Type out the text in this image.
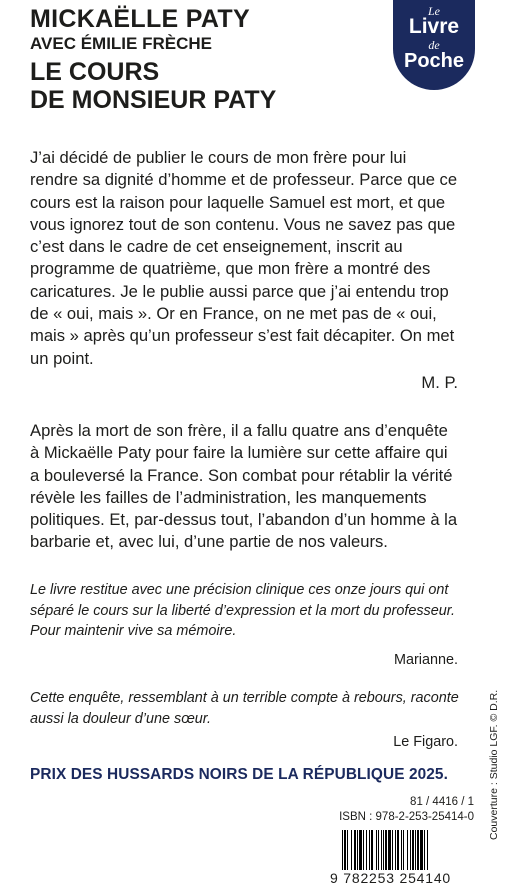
MICKAËLLE PATY

AVEC ÉMILIE FRÈCHE

LE COURS
DE MONSIEUR PATY

Le
Livre
de
Poche

J’ai décidé de publier le cours de mon frère pour lui rendre sa dignité d’homme et de professeur. Parce que ce cours est la raison pour laquelle Samuel est mort, et que vous ignorez tout de son contenu. Vous ne savez pas que c’est dans le cadre de cet enseignement, inscrit au programme de quatrième, que mon frère a montré des caricatures. Je le publie aussi parce que j’ai entendu trop de « oui, mais ». Or en France, on ne met pas de « oui, mais » après qu’un professeur s’est fait décapiter. On met un point.

M. P.

Après la mort de son frère, il a fallu quatre ans d’enquête à Mickaëlle Paty pour faire la lumière sur cette affaire qui a bouleversé la France. Son combat pour rétablir la vérité révèle les failles de l’administration, les manquements politiques. Et, par-dessus tout, l’abandon d’un homme à la barbarie et, avec lui, d’une partie de nos valeurs.

Le livre restitue avec une précision clinique ces onze jours qui ont séparé le cours sur la liberté d’expression et la mort du professeur. Pour maintenir vive sa mémoire.

Marianne.

Cette enquête, ressemblant à un terrible compte à rebours, raconte aussi la douleur d’une sœur.

Le Figaro.
PRIX DES HUSSARDS NOIRS DE LA RÉPUBLIQUE 2025.
81 / 4416 / 1
ISBN : 978-2-253-25414-0 Couverture : Studio LGF. © D.R.
9 782253 254140
